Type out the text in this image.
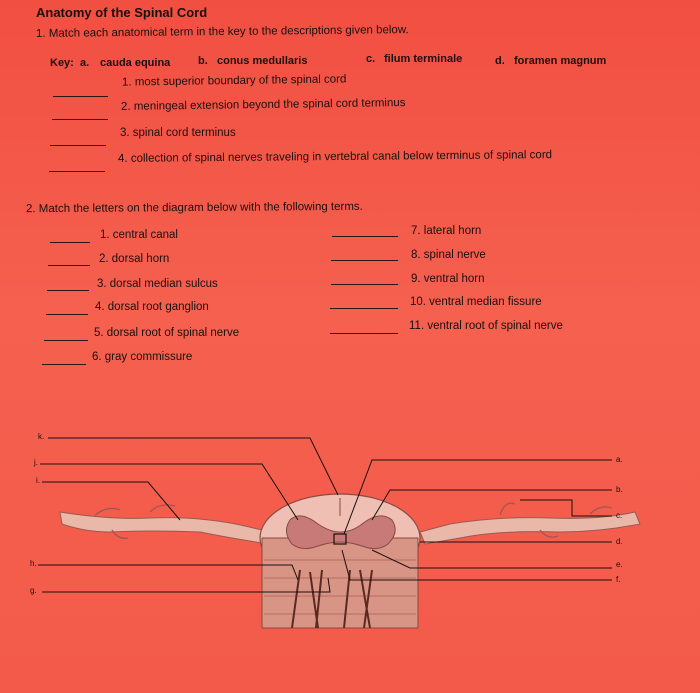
Anatomy of the Spinal Cord
1. Match each anatomical term in the key to the descriptions given below.
Key: a. cauda equina	b. conus medullaris	c. filum terminale	d. foramen magnum
1. most superior boundary of the spinal cord
2. meningeal extension beyond the spinal cord terminus
3. spinal cord terminus
4. collection of spinal nerves traveling in vertebral canal below terminus of spinal cord
2. Match the letters on the diagram below with the following terms.
1. central canal
2. dorsal horn
3. dorsal median sulcus
4. dorsal root ganglion
5. dorsal root of spinal nerve
6. gray commissure
7. lateral horn
8. spinal nerve
9. ventral horn
10. ventral median fissure
11. ventral root of spinal nerve
k.
j.
i.
h.
g.
a.
b.
c.
d.
e.
f.
